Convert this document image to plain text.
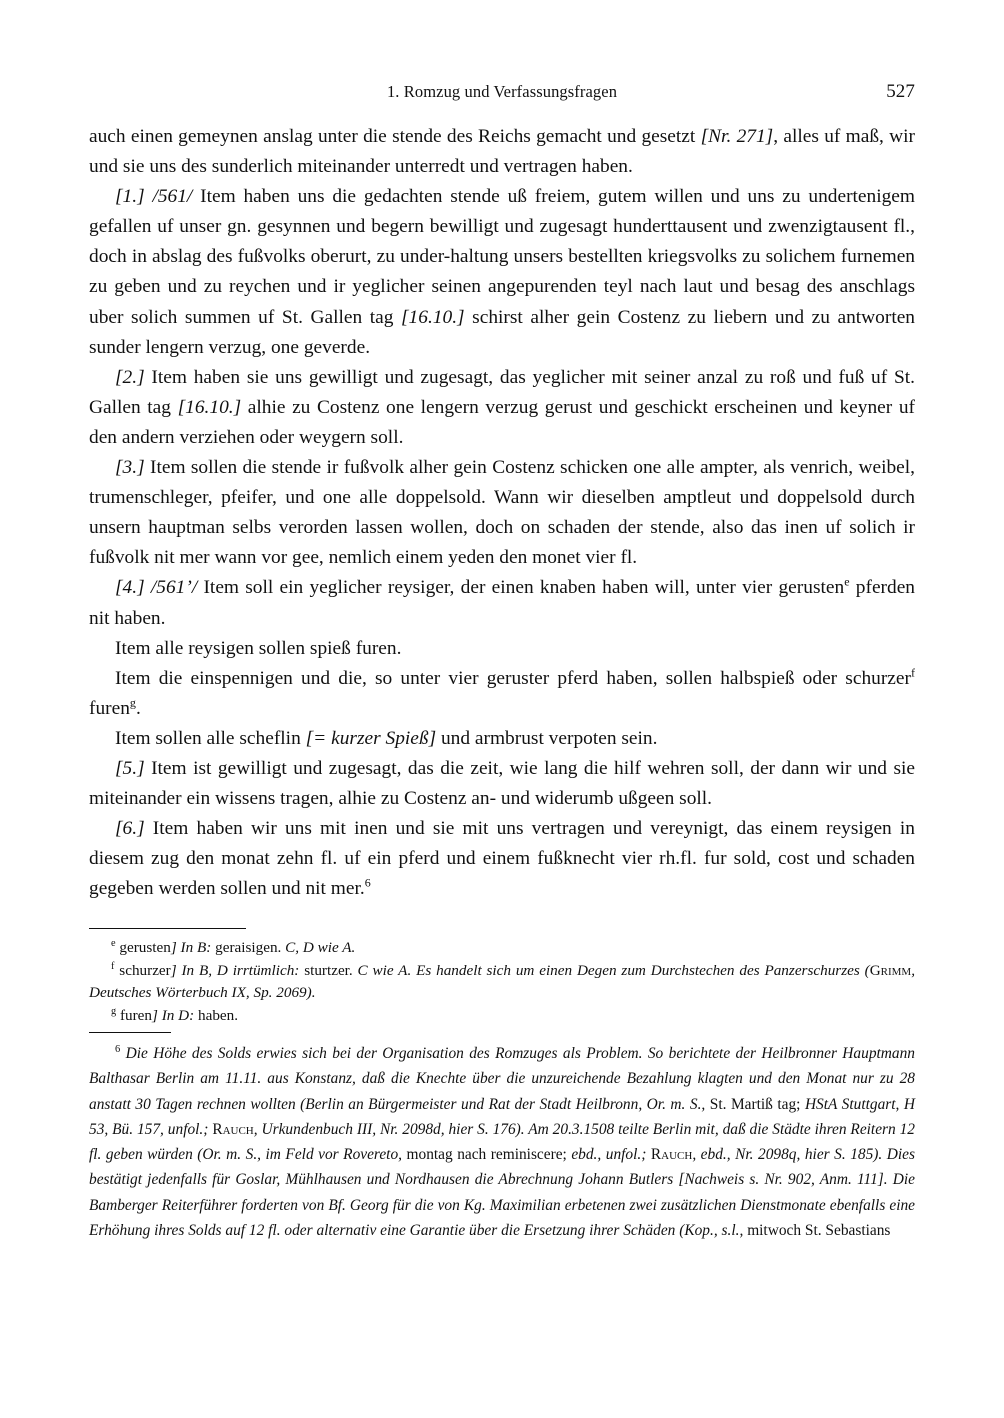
1. Romzug und Verfassungsfragen	527

auch einen gemeynen anslag unter die stende des Reichs gemacht und gesetzt [Nr. 271], alles uf maß, wir und sie uns des sunderlich miteinander unterredt und vertragen haben.

[1.] /561/ Item haben uns die gedachten stende uß freiem, gutem willen und uns zu undertenigem gefallen uf unser gn. gesynnen und begern bewilligt und zugesagt hunderttausent und zwenzigtausent fl., doch in abslag des fußvolks oberurt, zu under-haltung unsers bestellten kriegsvolks zu solichem furnemen zu geben und zu reychen und ir yeglicher seinen angepurenden teyl nach laut und besag des anschlags uber solich summen uf St. Gallen tag [16.10.] schirst alher gein Costenz zu liebern und zu antworten sunder lengern verzug, one geverde.

[2.] Item haben sie uns gewilligt und zugesagt, das yeglicher mit seiner anzal zu roß und fuß uf St. Gallen tag [16.10.] alhie zu Costenz one lengern verzug gerust und geschickt erscheinen und keyner uf den andern verziehen oder weygern soll.

[3.] Item sollen die stende ir fußvolk alher gein Costenz schicken one alle ampter, als venrich, weibel, trumenschleger, pfeifer, und one alle doppelsold. Wann wir dieselben amptleut und doppelsold durch unsern hauptman selbs verorden lassen wollen, doch on schaden der stende, also das inen uf solich ir fußvolk nit mer wann vor gee, nemlich einem yeden den monet vier fl.

[4.] /561’/ Item soll ein yeglicher reysiger, der einen knaben haben will, unter vier gerusten$^e$ pferden nit haben.

Item alle reysigen sollen spieß furen.

Item die einspennigen und die, so unter vier geruster pferd haben, sollen halbspieß oder schurzer$^f$ furen$^g$.

Item sollen alle scheflin [= kurzer Spieß] und armbrust verpoten sein.

[5.] Item ist gewilligt und zugesagt, das die zeit, wie lang die hilf wehren soll, der dann wir und sie miteinander ein wissens tragen, alhie zu Costenz an- und widerumb ußgeen soll.

[6.] Item haben wir uns mit inen und sie mit uns vertragen und vereynigt, das einem reysigen in diesem zug den monat zehn fl. uf ein pferd und einem fußknecht vier rh.fl. fur sold, cost und schaden gegeben werden sollen und nit mer.$^6$

$^e$ gerusten] In B: geraisigen. C, D wie A.

$^f$ schurzer] In B, D irrtümlich: sturtzer. C wie A. Es handelt sich um einen Degen zum Durchstechen des Panzerschurzes (Grimm, Deutsches Wörterbuch IX, Sp. 2069).

$^g$ furen] In D: haben.

$^6$ Die Höhe des Solds erwies sich bei der Organisation des Romzuges als Problem. So berichtete der Heilbronner Hauptmann Balthasar Berlin am 11.11. aus Konstanz, daß die Knechte über die unzureichende Bezahlung klagten und den Monat nur zu 28 anstatt 30 Tagen rechnen wollten (Berlin an Bürgermeister und Rat der Stadt Heilbronn, Or. m. S., St. Martiß tag; HStA Stuttgart, H 53, Bü. 157, unfol.; Rauch, Urkundenbuch III, Nr. 2098d, hier S. 176). Am 20.3.1508 teilte Berlin mit, daß die Städte ihren Reitern 12 fl. geben würden (Or. m. S., im Feld vor Rovereto, montag nach reminiscere; ebd., unfol.; Rauch, ebd., Nr. 2098q, hier S. 185). Dies bestätigt jedenfalls für Goslar, Mühlhausen und Nordhausen die Abrechnung Johann Butlers [Nachweis s. Nr. 902, Anm. 111]. Die Bamberger Reiterführer forderten von Bf. Georg für die von Kg. Maximilian erbetenen zwei zusätzlichen Dienstmonate ebenfalls eine Erhöhung ihres Solds auf 12 fl. oder alternativ eine Garantie über die Ersetzung ihrer Schäden (Kop., s.l., mitwoch St. Sebastians
